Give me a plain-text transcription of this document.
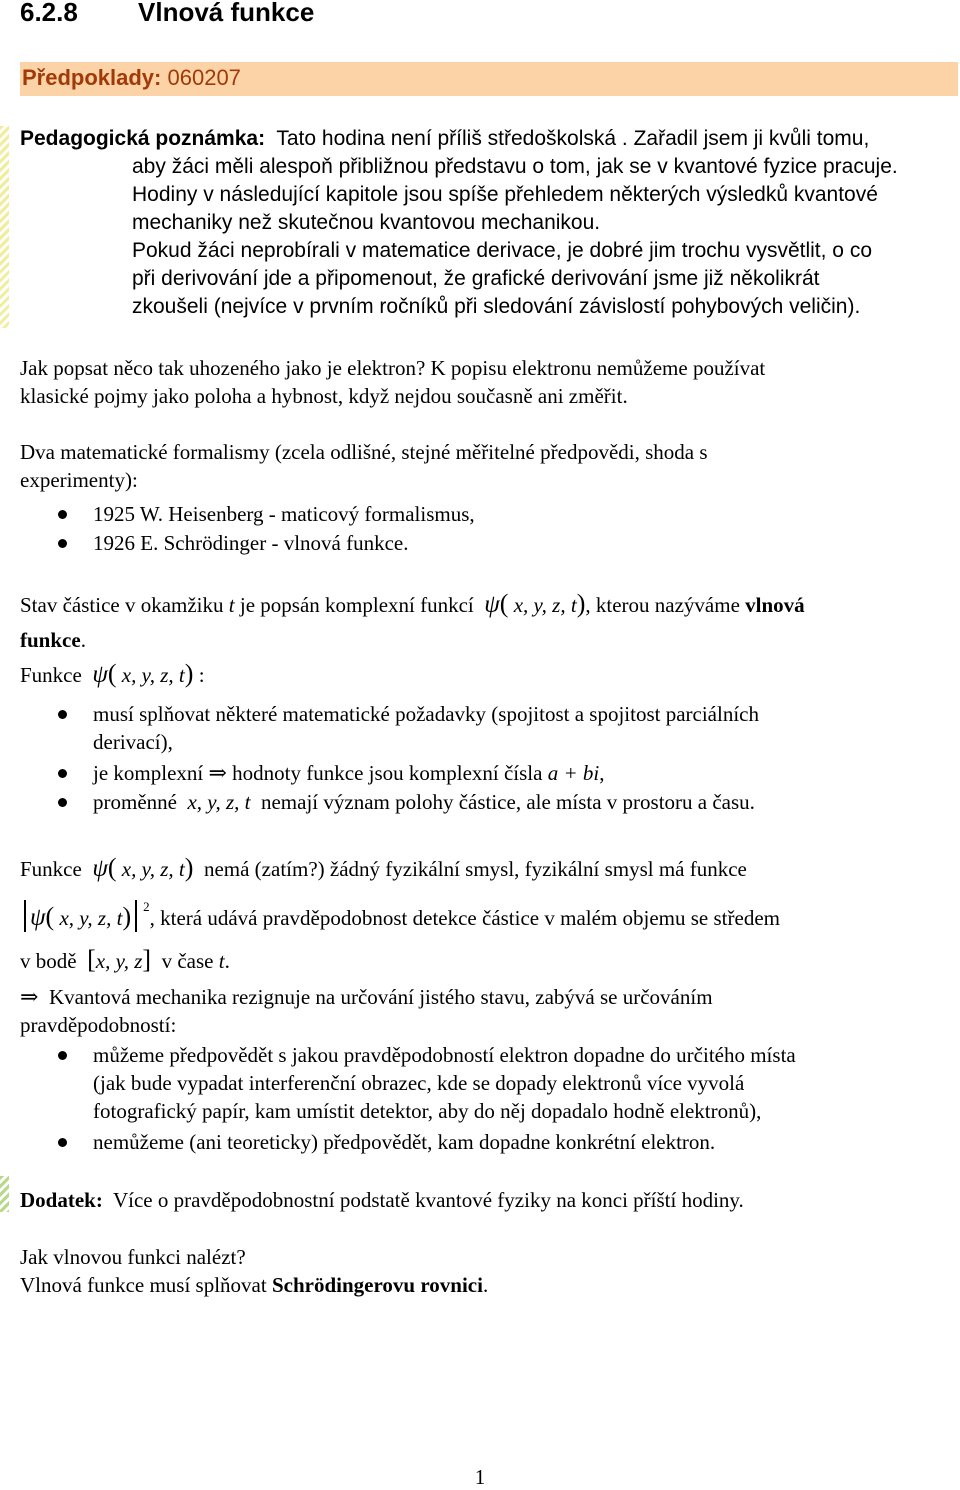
6.2.8 Vlnová funkce
Předpoklady: 060207
Pedagogická poznámka: Tato hodina není příliš středoškolská . Zařadil jsem ji kvůli tomu,
aby žáci měli alespoň přibližnou představu o tom, jak se v kvantové fyzice pracuje.
Hodiny v následující kapitole jsou spíše přehledem některých výsledků kvantové
mechaniky než skutečnou kvantovou mechanikou.
Pokud žáci neprobírali v matematice derivace, je dobré jim trochu vysvětlit, o co
při derivování jde a připomenout, že grafické derivování jsme již několikrát
zkoušeli (nejvíce v prvním ročníků při sledování závislostí pohybových veličin).
Jak popsat něco tak uhozeného jako je elektron? K popisu elektronu nemůžeme používat
klasické pojmy jako poloha a hybnost, když nejdou současně ani změřit.
Dva matematické formalismy (zcela odlišné, stejné měřitelné předpovědi, shoda s
experimenty):
1925 W. Heisenberg - maticový formalismus,
1926 E. Schrödinger - vlnová funkce.
Stav částice v okamžiku t je popsán komplexní funkcí ψ( x, y, z, t), kterou nazýváme vlnová
funkce.
Funkce ψ( x, y, z, t) :
musí splňovat některé matematické požadavky (spojitost a spojitost parciálních
derivací),
je komplexní ⇒ hodnoty funkce jsou komplexní čísla a + bi,
proměnné x, y, z, t nemají význam polohy částice, ale místa v prostoru a času.
Funkce ψ( x, y, z, t) nemá (zatím?) žádný fyzikální smysl, fyzikální smysl má funkce
ψ( x, y, z, t) $^2$, která udává pravděpodobnost detekce částice v malém objemu se středem
v bodě [x, y, z] v čase t.
⇒ Kvantová mechanika rezignuje na určování jistého stavu, zabývá se určováním
pravděpodobností:
můžeme předpovědět s jakou pravděpodobností elektron dopadne do určitého místa
(jak bude vypadat interferenční obrazec, kde se dopady elektronů více vyvolá
fotografický papír, kam umístit detektor, aby do něj dopadalo hodně elektronů),
nemůžeme (ani teoreticky) předpovědět, kam dopadne konkrétní elektron.
Dodatek: Více o pravděpodobnostní podstatě kvantové fyziky na konci příští hodiny.
Jak vlnovou funkci nalézt?
Vlnová funkce musí splňovat Schrödingerovu rovnici.
1
